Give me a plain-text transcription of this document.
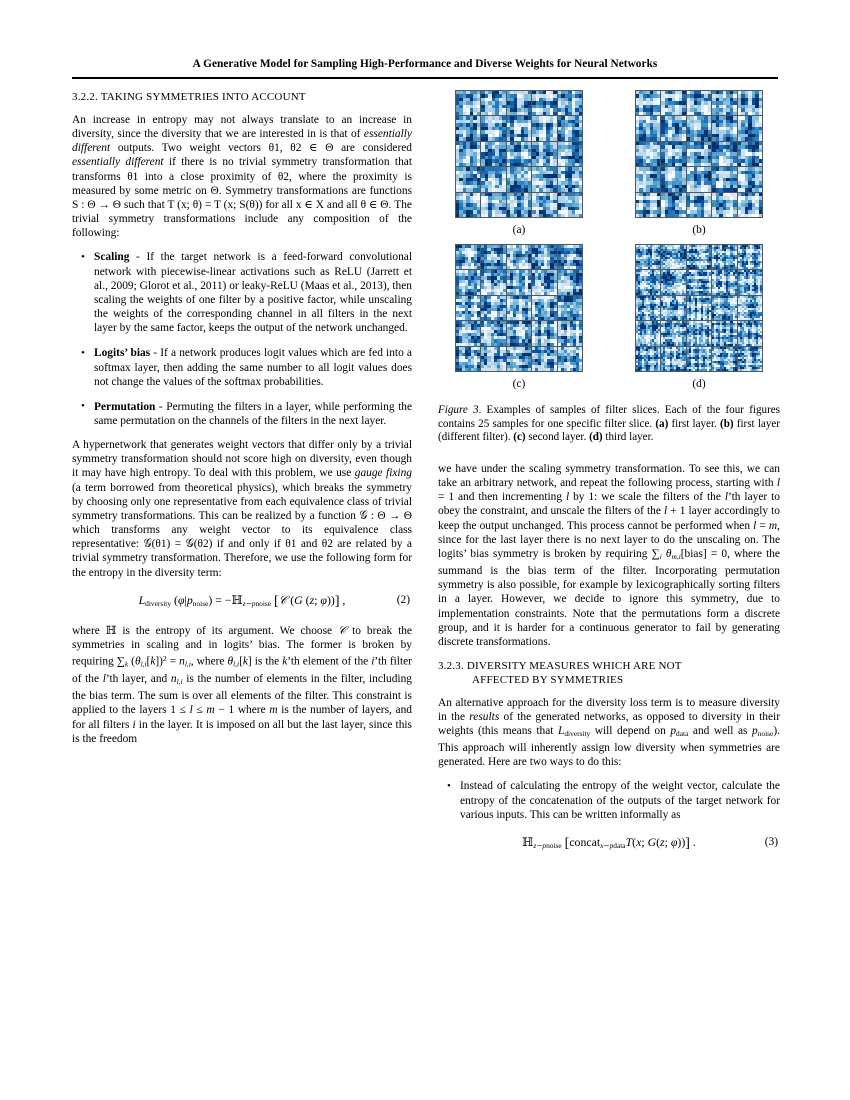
A Generative Model for Sampling High-Performance and Diverse Weights for Neural Networks
3.2.2. TAKING SYMMETRIES INTO ACCOUNT

An increase in entropy may not always translate to an increase in diversity, since the diversity that we are interested in is that of essentially different outputs. Two weight vectors θ1, θ2 ∈ Θ are considered essentially different if there is no trivial symmetry transformation that transforms θ1 into a close proximity of θ2, where the proximity is measured by some metric on Θ. Symmetry transformations are functions S : Θ → Θ such that T (x; θ) = T (x; S(θ)) for all x ∈ X and all θ ∈ Θ. The trivial symmetry transformations include any composition of the following:

• Scaling - If the target network is a feed-forward convolutional network with piecewise-linear activations such as ReLU (Jarrett et al., 2009; Glorot et al., 2011) or leaky-ReLU (Maas et al., 2013), then scaling the weights of one filter by a positive factor, while unscaling the weights of the corresponding channel in all filters in the next layer by the same factor, keeps the output of the network unchanged.
• Logits’ bias - If a network produces logit values which are fed into a softmax layer, then adding the same number to all logit values does not change the values of the softmax probabilities.
• Permutation - Permuting the filters in a layer, while performing the same permutation on the channels of the filters in the next layer.

A hypernetwork that generates weight vectors that differ only by a trivial symmetry transformation should not score high on diversity, even though it may have high entropy. To deal with this problem, we use gauge fixing (a term borrowed from theoretical physics), which breaks the symmetry by choosing only one representative from each equivalence class of trivial symmetry transformations. This can be realized by a function 𝒢 : Θ → Θ which transforms any weight vector to its equivalence class representative: 𝒢(θ1) = 𝒢(θ2) if and only if θ1 and θ2 are related by a trivial symmetry transformation. Therefore, we use the following form for the entropy in the diversity term:

$L_{diversity}$ $(\varphi|p_{noise})$ = −ℍ$_{z\sim pnoise}$ [𝒞 (G (z; φ))] ,	(2)

where ℍ is the entropy of its argument. We choose 𝒞 to break the symmetries in scaling and in logits’ bias. The former is broken by requiring $\sum_k$ $(\theta_{l,i}[k])^2 = n_{l,i}$, where $\theta_{l,i}[k]$ is the k’th element of the i’th filter of the l’th layer, and $n_{l,i}$ is the number of elements in the filter, including the bias term. The sum is over all elements of the filter. This constraint is applied to the layers 1 ≤ l ≤ m − 1 where m is the number of layers, and for all filters i in the layer. It is imposed on all but the last layer, since this is the freedom

(a)	(b)
(c)	(d)
Figure 3. Examples of samples of filter slices. Each of the four figures contains 25 samples for one specific filter slice. (a) first layer. (b) first layer (different filter). (c) second layer. (d) third layer.

we have under the scaling symmetry transformation. To see this, we can take an arbitrary network, and repeat the following process, starting with l = 1 and then incrementing l by 1: we scale the filters of the l’th layer to obey the constraint, and unscale the filters of the l + 1 layer accordingly to keep the output unchanged. This process cannot be performed when l = m, since for the last layer there is no next layer to do the unscaling on. The logits’ bias symmetry is broken by requiring $\sum_i$ $\theta_{m,i}[bias] = 0$, where the summand is the bias term of the filter. Incorporating permutation symmetry is also possible, for example by lexicographically sorting filters in a layer. However, we decide to ignore this symmetry, due to implementation constraints. Note that the permutations form a discrete group, and it is harder for a continuous generator to fail by generating discrete transformations.

3.2.3. DIVERSITY MEASURES WHICH ARE NOT
AFFECTED BY SYMMETRIES

An alternative approach for the diversity loss term is to measure diversity in the results of the generated networks, as opposed to diversity in their weights (this means that $L_{diversity}$ will depend on $p_{data}$ and well as $p_{noise}$). This approach will inherently assign low diversity when symmetries are generated. Here are two ways to do this:

• Instead of calculating the entropy of the weight vector, calculate the entropy of the concatenation of the outputs of the target network for various inputs. This can be written informally as
ℍ$_{z\sim pnoise}$ [concat$_{x\sim pdata}$T(x; G(z; φ))] .	(3)
